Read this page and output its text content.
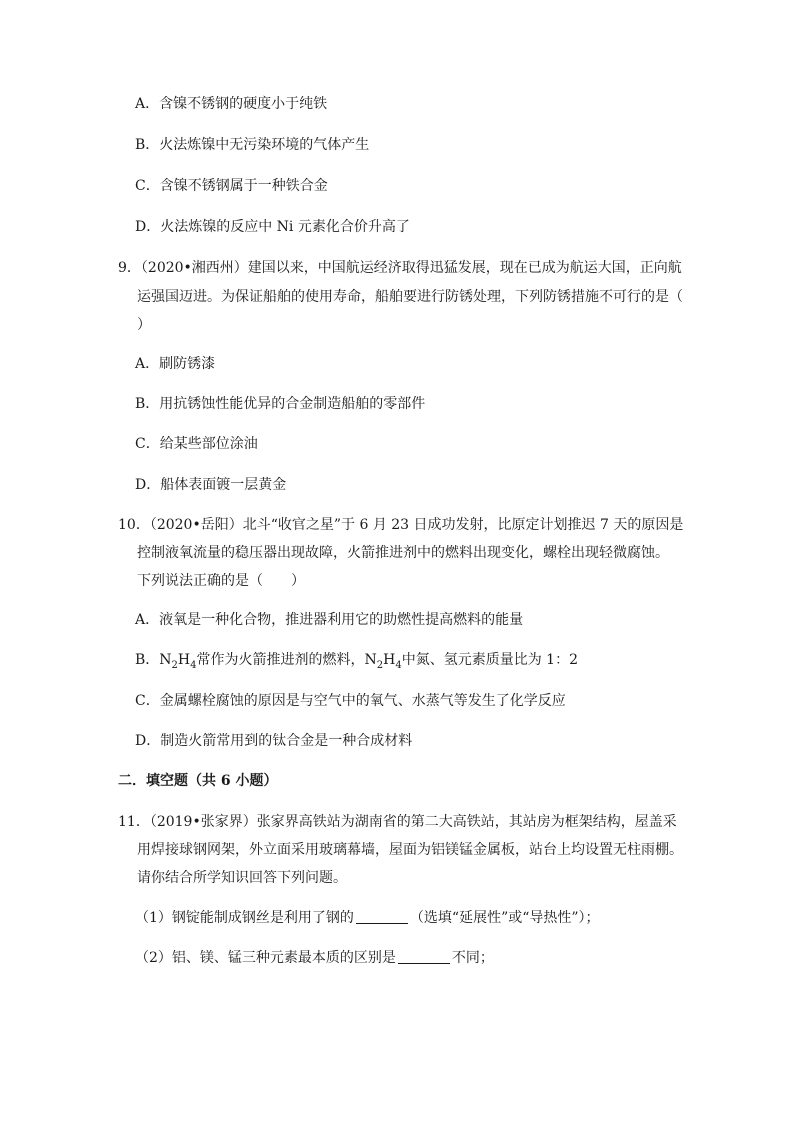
A．含镍不锈钢的硬度小于纯铁
B．火法炼镍中无污染环境的气体产生
C．含镍不锈钢属于一种铁合金
D．火法炼镍的反应中 Ni 元素化合价升高了
9．（2020•湘西州）建国以来，中国航运经济取得迅猛发展，现在已成为航运大国，正向航
运强国迈进。为保证船舶的使用寿命，船舶要进行防锈处理，下列防锈措施不可行的是（
）
A．刷防锈漆
B．用抗锈蚀性能优异的合金制造船舶的零部件
C．给某些部位涂油
D．船体表面镀一层黄金
10．（2020•岳阳）北斗“收官之星”于 6 月 23 日成功发射，比原定计划推迟 7 天的原因是
控制液氧流量的稳压器出现故障，火箭推进剂中的燃料出现变化，螺栓出现轻微腐蚀。
下列说法正确的是（　　）
A．液氧是一种化合物，推进器利用它的助燃性提高燃料的能量
B．$N_2H_4$常作为火箭推进剂的燃料，$N_2H_4$中氮、氢元素质量比为 1：2
C．金属螺栓腐蚀的原因是与空气中的氧气、水蒸气等发生了化学反应
D．制造火箭常用到的钛合金是一种合成材料
二．填空题（共 6 小题）
11．（2019•张家界）张家界高铁站为湖南省的第二大高铁站，其站房为框架结构，屋盖采
用焊接球钢网架，外立面采用玻璃幕墙，屋面为铝镁锰金属板，站台上均设置无柱雨棚。
请你结合所学知识回答下列问题。
（1）钢锭能制成钢丝是利用了钢的	（选填“延展性”或“导热性”）；
（2）铝、镁、锰三种元素最本质的区别是	不同；
